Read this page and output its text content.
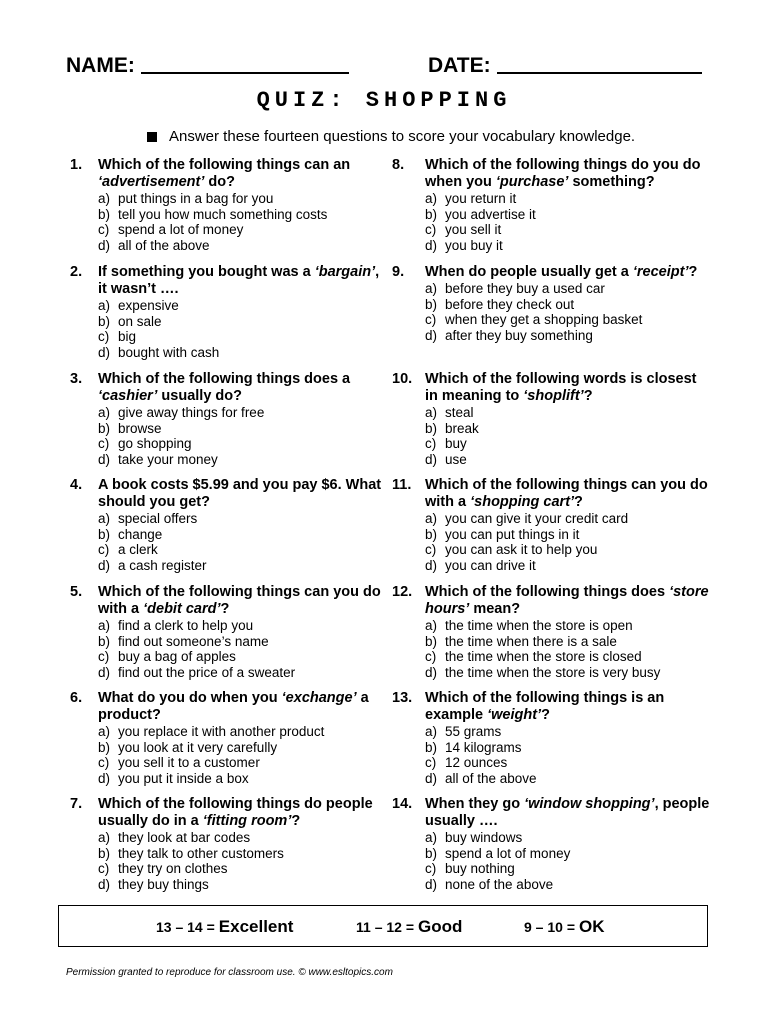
NAME:	DATE:
QUIZ: SHOPPING
Answer these fourteen questions to score your vocabulary knowledge.
1.	Which of the following things can an ‘advertisement’ do?
a) put things in a bag for you
b) tell you how much something costs
c) spend a lot of money
d) all of the above
2.	If something you bought was a ‘bargain’, it wasn’t ….
a) expensive
b) on sale
c) big
d) bought with cash
3.	Which of the following things does a ‘cashier’ usually do?
a) give away things for free
b) browse
c) go shopping
d) take your money
4.	A book costs $5.99 and you pay $6. What should you get?
a) special offers
b) change
c) a clerk
d) a cash register
5.	Which of the following things can you do with a ‘debit card’?
a) find a clerk to help you
b) find out someone’s name
c) buy a bag of apples
d) find out the price of a sweater
6.	What do you do when you ‘exchange’ a product?
a) you replace it with another product
b) you look at it very carefully
c) you sell it to a customer
d) you put it inside a box
7.	Which of the following things do people usually do in a ‘fitting room’?
a) they look at bar codes
b) they talk to other customers
c) they try on clothes
d) they buy things
8.	Which of the following things do you do when you ‘purchase’ something?
a) you return it
b) you advertise it
c) you sell it
d) you buy it
9.	When do people usually get a ‘receipt’?
a) before they buy a used car
b) before they check out
c) when they get a shopping basket
d) after they buy something
10. Which of the following words is closest in meaning to ‘shoplift’?
a) steal
b) break
c) buy
d) use
11. Which of the following things can you do with a ‘shopping cart’?
a) you can give it your credit card
b) you can put things in it
c) you can ask it to help you
d) you can drive it
12. Which of the following things does ‘store hours’ mean?
a) the time when the store is open
b) the time when there is a sale
c) the time when the store is closed
d) the time when the store is very busy
13. Which of the following things is an example ‘weight’?
a) 55 grams
b) 14 kilograms
c) 12 ounces
d) all of the above
14. When they go ‘window shopping’, people usually ….
a) buy windows
b) spend a lot of money
c) buy nothing
d) none of the above
13 – 14 = Excellent	11 – 12 = Good	9 – 10 = OK
Permission granted to reproduce for classroom use. © www.esltopics.com
